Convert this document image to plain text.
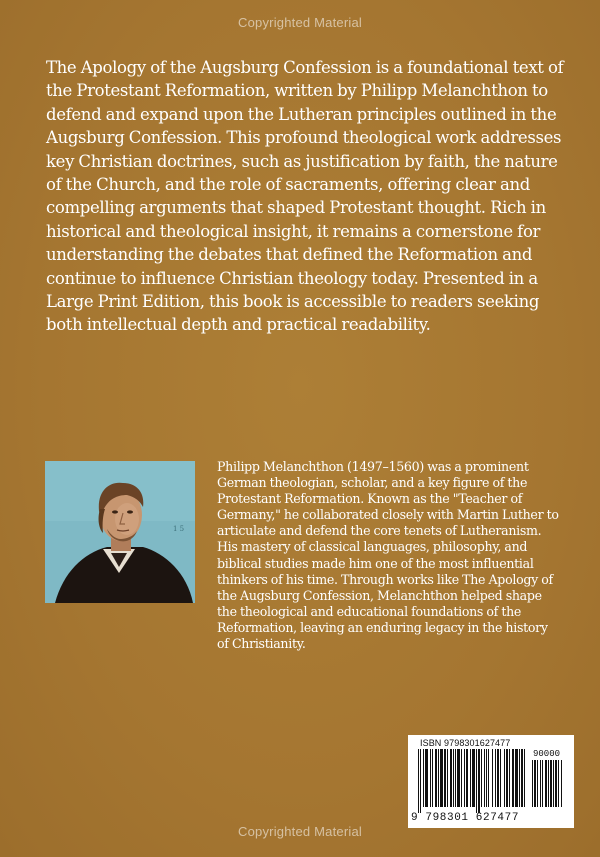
Copyrighted Material

The Apology of the Augsburg Confession is a foundational text of the Protestant Reformation, written by Philipp Melanchthon to defend and expand upon the Lutheran principles outlined in the Augsburg Confession. This profound theological work addresses key Christian doctrines, such as justification by faith, the nature of the Church, and the role of sacraments, offering clear and compelling arguments that shaped Protestant thought. Rich in historical and theological insight, it remains a cornerstone for understanding the debates that defined the Reformation and continue to influence Christian theology today. Presented in a Large Print Edition, this book is accessible to readers seeking both intellectual depth and practical readability.

1 5

Philipp Melanchthon (1497–1560) was a prominent German theologian, scholar, and a key figure of the Protestant Reformation. Known as the "Teacher of Germany," he collaborated closely with Martin Luther to articulate and defend the core tenets of Lutheranism. His mastery of classical languages, philosophy, and biblical studies made him one of the most influential thinkers of his time. Through works like The Apology of the Augsburg Confession, Melanchthon helped shape the theological and educational foundations of the Reformation, leaving an enduring legacy in the history of Christianity.

ISBN 9798301627477
90000
9 798301 627477
Copyrighted Material
